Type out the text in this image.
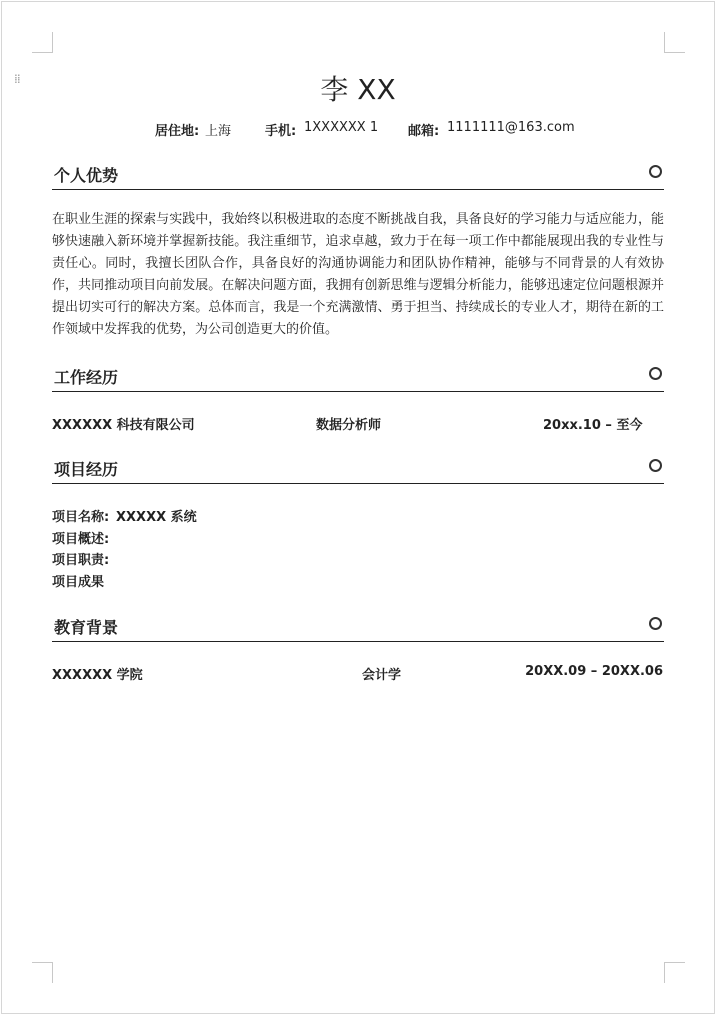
⁞⁞	李 XX
居住地: 上海	手机: 1XXXXXX 1 邮箱: 1111111@163.com
个人优势
在职业生涯的探索与实践中，我始终以积极进取的态度不断挑战自我，具备良好的学习能力与适应能力，能够快速融入新环境并掌握新技能。我注重细节，追求卓越，致力于在每一项工作中都能展现出我的专业性与责任心。同时，我擅长团队合作，具备良好的沟通协调能力和团队协作精神，能够与不同背景的人有效协作，共同推动项目向前发展。在解决问题方面，我拥有创新思维与逻辑分析能力，能够迅速定位问题根源并提出切实可行的解决方案。总体而言，我是一个充满激情、勇于担当、持续成长的专业人才，期待在新的工作领域中发挥我的优势，为公司创造更大的价值。
工作经历
XXXXXX 科技有限公司	数据分析师	20xx.10 – 至今
项目经历
项目名称: XXXXX 系统
项目概述:
项目职责:
项目成果
教育背景
XXXXXX 学院	会计学	20XX.09 – 20XX.06
